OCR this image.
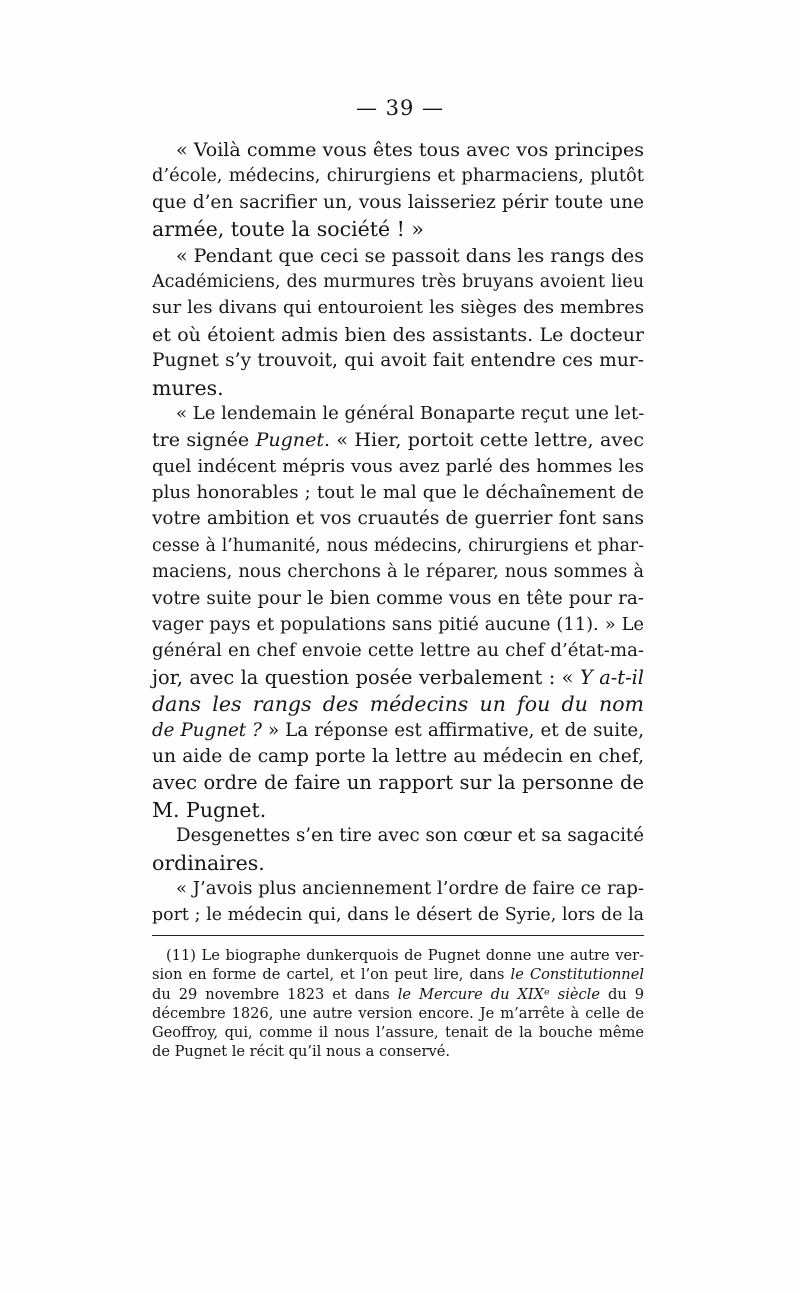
— 39 —
« Voilà comme vous êtes tous avec vos principes
d’école, médecins, chirurgiens et pharmaciens, plutôt
que d’en sacrifier un, vous laisseriez périr toute une
armée, toute la société ! »
« Pendant que ceci se passoit dans les rangs des
Académiciens, des murmures très bruyans avoient lieu
sur les divans qui entouroient les sièges des membres
et où étoient admis bien des assistants. Le docteur
Pugnet s’y trouvoit, qui avoit fait entendre ces mur-
mures.
« Le lendemain le général Bonaparte reçut une let-
tre signée Pugnet. « Hier, portoit cette lettre, avec
quel indécent mépris vous avez parlé des hommes les
plus honorables ; tout le mal que le déchaînement de
votre ambition et vos cruautés de guerrier font sans
cesse à l’humanité, nous médecins, chirurgiens et phar-
maciens, nous cherchons à le réparer, nous sommes à
votre suite pour le bien comme vous en tête pour ra-
vager pays et populations sans pitié aucune (11). » Le
général en chef envoie cette lettre au chef d’état-ma-
jor, avec la question posée verbalement : « Y a-t-il
dans les rangs des médecins un fou du nom
de Pugnet ? » La réponse est affirmative, et de suite,
un aide de camp porte la lettre au médecin en chef,
avec ordre de faire un rapport sur la personne de
M. Pugnet.
Desgenettes s’en tire avec son cœur et sa sagacité
ordinaires.
« J’avois plus anciennement l’ordre de faire ce rap-
port ; le médecin qui, dans le désert de Syrie, lors de la
(11) Le biographe dunkerquois de Pugnet donne une autre ver-
sion en forme de cartel, et l’on peut lire, dans le Constitutionnel
du 29 novembre 1823 et dans le Mercure du XIXᵉ siècle du 9
décembre 1826, une autre version encore. Je m’arrête à celle de
Geoffroy, qui, comme il nous l’assure, tenait de la bouche même
de Pugnet le récit qu’il nous a conservé.
